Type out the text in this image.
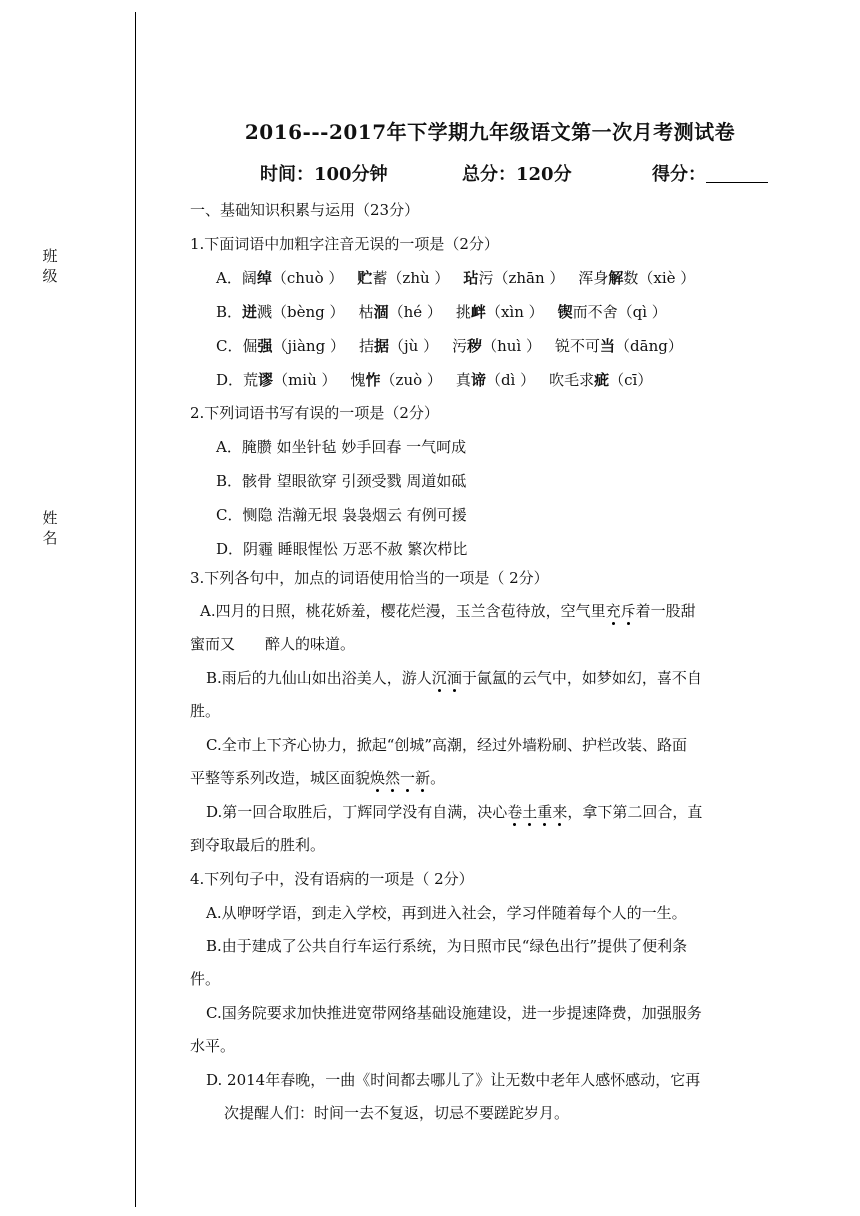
班级
姓名
2016---2017年下学期九年级语文第一次月考测试卷
时间：100分钟	总分：120分	得分：
一、基础知识积累与运用（23分）
1.下面词语中加粗字注音无误的一项是（2分）
A．阔绰（chuò ） 贮蓄（zhù ） 玷污（zhān ） 浑身解数（xiè ）
B．迸溅（bèng ） 枯涸（hé ） 挑衅（xìn ） 锲而不舍（qì ）
C．倔强（jiàng ） 拮据（jù ） 污秽（huì ） 锐不可当（dāng）
D．荒谬（miù ） 愧怍（zuò ） 真谛（dì ） 吹毛求疵（cī）
2.下列词语书写有误的一项是（2分）
A．腌臜 如坐针毡 妙手回春 一气呵成
B．骸骨 望眼欲穿 引颈受戮 周道如砥
C．恻隐 浩瀚无垠 袅袅烟云 有例可援
D．阴霾 睡眼惺忪 万恶不赦 繁次栉比
3.下列各句中，加点的词语使用恰当的一项是（ 2分）
A.四月的日照，桃花娇羞，樱花烂漫，玉兰含苞待放，空气里充斥着一股甜
蜜而又　　醉人的味道。
B.雨后的九仙山如出浴美人，游人沉湎于氤氲的云气中，如梦如幻，喜不自
胜。
C.全市上下齐心协力，掀起“创城”高潮，经过外墙粉刷、护栏改装、路面
平整等系列改造，城区面貌焕然一新。
D.第一回合取胜后，丁辉同学没有自满，决心卷土重来，拿下第二回合，直
到夺取最后的胜利。
4.下列句子中，没有语病的一项是（ 2分）
A.从咿呀学语，到走入学校，再到进入社会，学习伴随着每个人的一生。
B.由于建成了公共自行车运行系统，为日照市民“绿色出行”提供了便利条
件。
C.国务院要求加快推进宽带网络基础设施建设，进一步提速降费，加强服务
水平。
D. 2014年春晚，一曲《时间都去哪儿了》让无数中老年人感怀感动，它再
次提醒人们：时间一去不复返，切忌不要蹉跎岁月。
